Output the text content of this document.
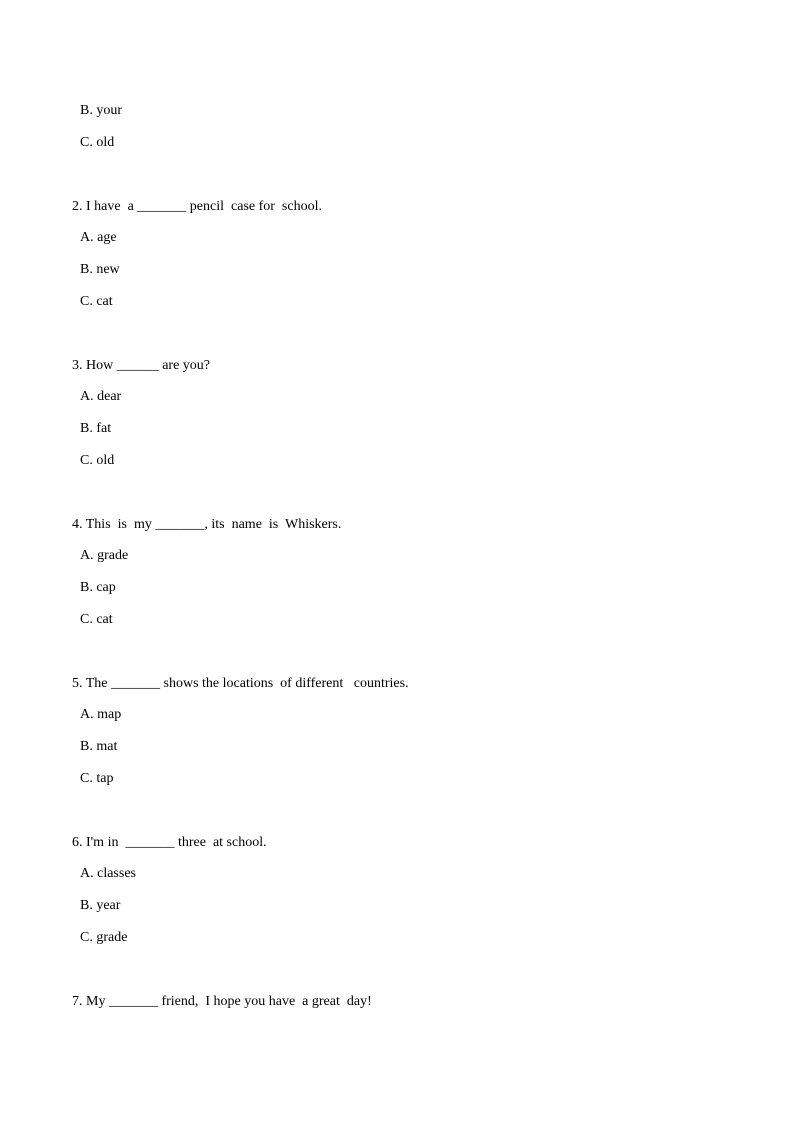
B. your
C. old
2. I have  a _______ pencil  case for  school.
A. age
B. new
C. cat
3. How ______ are you?
A. dear
B. fat
C. old
4. This  is  my _______, its  name  is  Whiskers.
A. grade
B. cap
C. cat
5. The _______ shows the locations  of different   countries.
A. map
B. mat
C. tap
6. I'm in  _______ three  at school.
A. classes
B. year
C. grade
7. My _______ friend,  I hope you have  a great  day!
